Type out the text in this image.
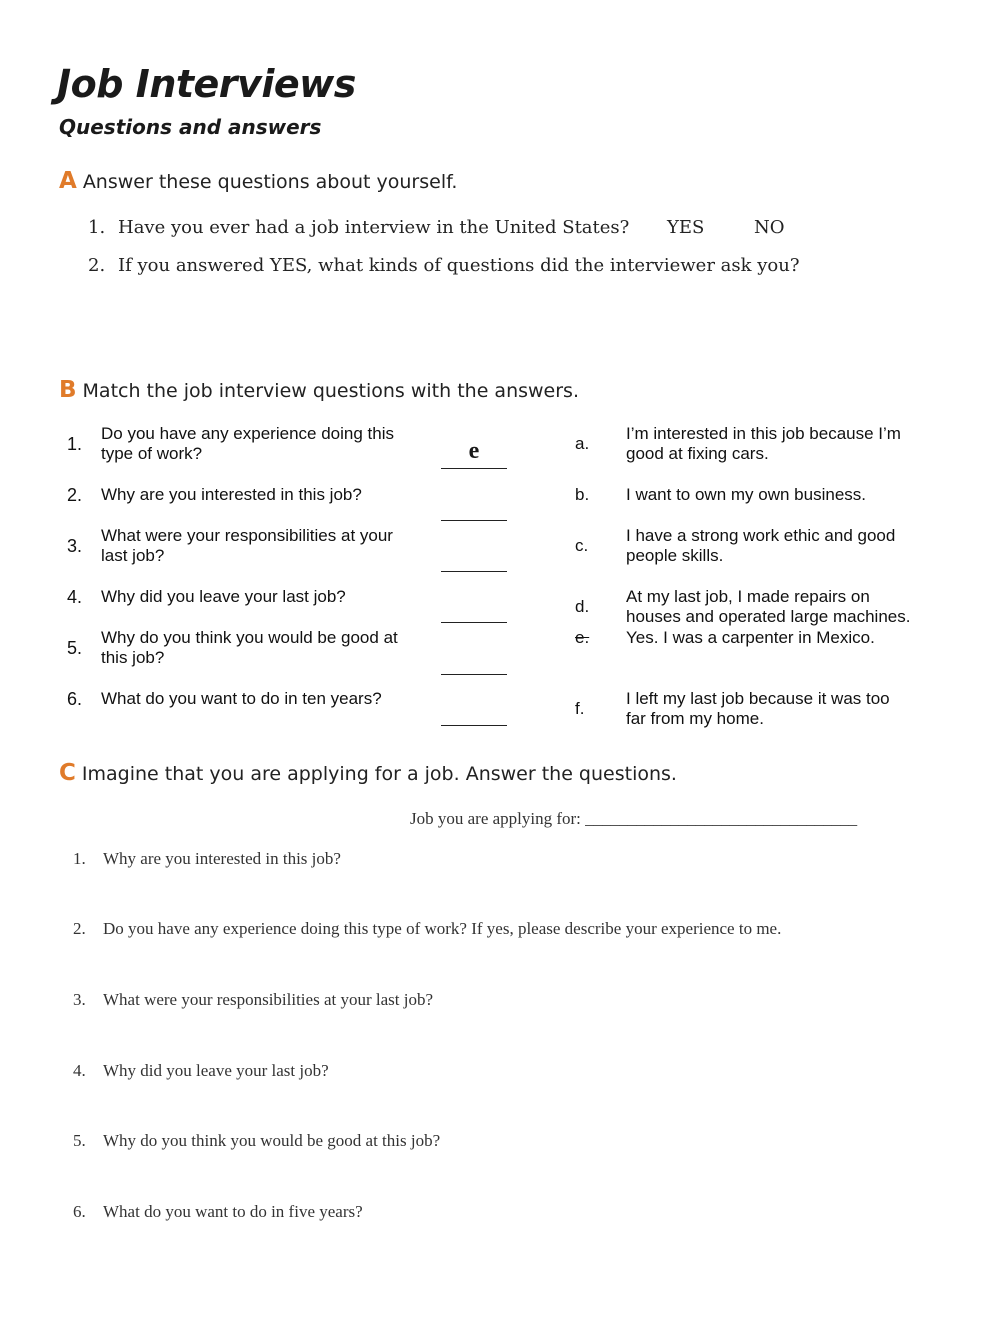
Job Interviews
Questions and answers
A Answer these questions about yourself.
1. Have you ever had a job interview in the United States? YES	NO
2. If you answered YES, what kinds of questions did the interviewer ask you?
B Match the job interview questions with the answers.
1.
Do you have any experience doing this
type of work?	e
2. Why are you interested in this job?
3.
What were your responsibilities at your
last job?
4. Why did you leave your last job?
5.
Why do you think you would be good at
this job?
6. What do you want to do in ten years?
a.
I’m interested in this job because I’m
good at fixing cars.
b. I want to own my own business.
c.
I have a strong work ethic and good
people skills.
d.
At my last job, I made repairs on
houses and operated large machines.
e. Yes. I was a carpenter in Mexico.
f.
I left my last job because it was too
far from my home.
C Imagine that you are applying for a job. Answer the questions.
Job you are applying for: ________________________________
1. Why are you interested in this job?
2. Do you have any experience doing this type of work? If yes, please describe your experience to me.
3. What were your responsibilities at your last job?
4. Why did you leave your last job?
5. Why do you think you would be good at this job?
6. What do you want to do in five years?
